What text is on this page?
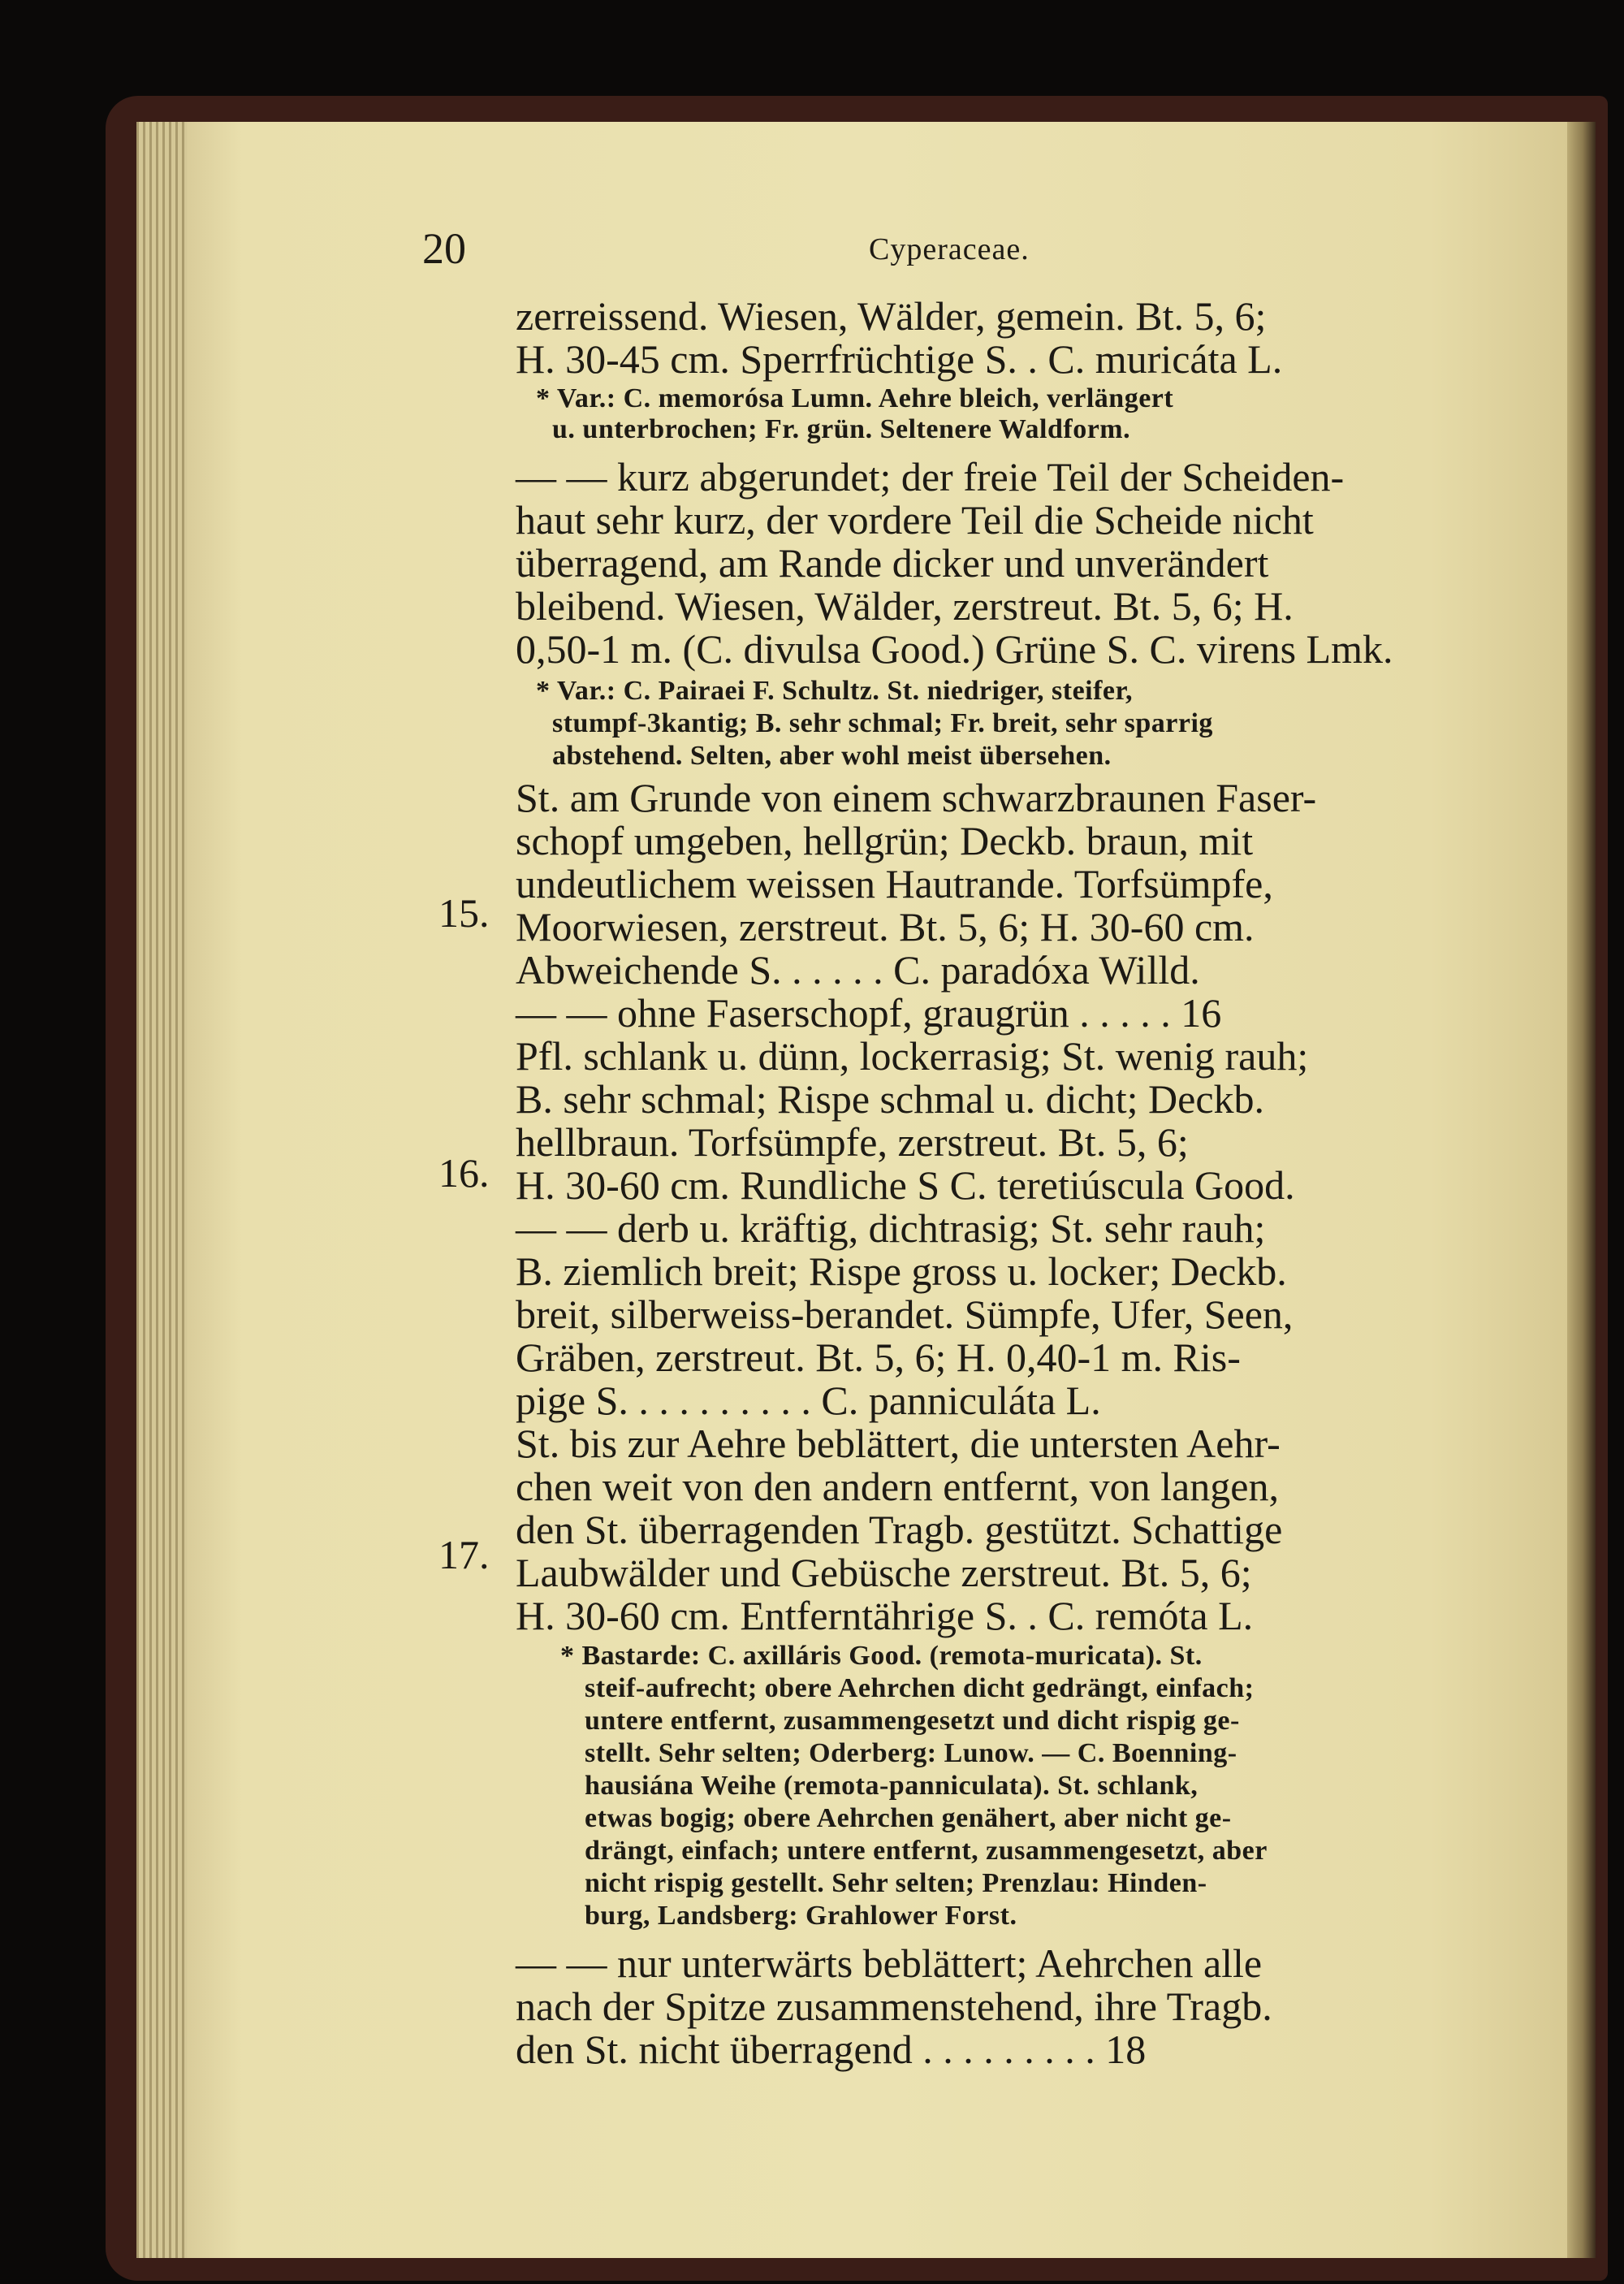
20	Cyperaceae.
15.
16.
17.
zerreissend. Wiesen, Wälder, gemein. Bt. 5, 6;
H. 30-45 cm. Sperrfrüchtige S. . C. muricáta L.
* Var.: C. memorósa Lumn. Aehre bleich, verlängert
u. unterbrochen; Fr. grün. Seltenere Waldform.
— — kurz abgerundet; der freie Teil der Scheiden-
haut sehr kurz, der vordere Teil die Scheide nicht
überragend, am Rande dicker und unverändert
bleibend. Wiesen, Wälder, zerstreut. Bt. 5, 6; H.
0,50-1 m. (C. divulsa Good.) Grüne S. C. virens Lmk.
* Var.: C. Pairaei F. Schultz. St. niedriger, steifer,
stumpf-3kantig; B. sehr schmal; Fr. breit, sehr sparrig
abstehend. Selten, aber wohl meist übersehen.
St. am Grunde von einem schwarzbraunen Faser-
schopf umgeben, hellgrün; Deckb. braun, mit
undeutlichem weissen Hautrande. Torfsümpfe,
Moorwiesen, zerstreut. Bt. 5, 6; H. 30-60 cm.
Abweichende S. . . . . . C. paradóxa Willd.
— — ohne Faserschopf, graugrün . . . . . 16
Pfl. schlank u. dünn, lockerrasig; St. wenig rauh;
B. sehr schmal; Rispe schmal u. dicht; Deckb.
hellbraun. Torfsümpfe, zerstreut. Bt. 5, 6;
H. 30-60 cm. Rundliche S C. teretiúscula Good.
— — derb u. kräftig, dichtrasig; St. sehr rauh;
B. ziemlich breit; Rispe gross u. locker; Deckb.
breit, silberweiss-berandet. Sümpfe, Ufer, Seen,
Gräben, zerstreut. Bt. 5, 6; H. 0,40-1 m. Ris-
pige S. . . . . . . . . . C. panniculáta L.
St. bis zur Aehre beblättert, die untersten Aehr-
chen weit von den andern entfernt, von langen,
den St. überragenden Tragb. gestützt. Schattige
Laubwälder und Gebüsche zerstreut. Bt. 5, 6;
H. 30-60 cm. Entferntährige S. . C. remóta L.
* Bastarde: C. axilláris Good. (remota-muricata). St.
steif-aufrecht; obere Aehrchen dicht gedrängt, einfach;
untere entfernt, zusammengesetzt und dicht rispig ge-
stellt. Sehr selten; Oderberg: Lunow. — C. Boenning-
hausiána Weihe (remota-panniculata). St. schlank,
etwas bogig; obere Aehrchen genähert, aber nicht ge-
drängt, einfach; untere entfernt, zusammengesetzt, aber
nicht rispig gestellt. Sehr selten; Prenzlau: Hinden-
burg, Landsberg: Grahlower Forst.
— — nur unterwärts beblättert; Aehrchen alle
nach der Spitze zusammenstehend, ihre Tragb.
den St. nicht überragend . . . . . . . . . 18
